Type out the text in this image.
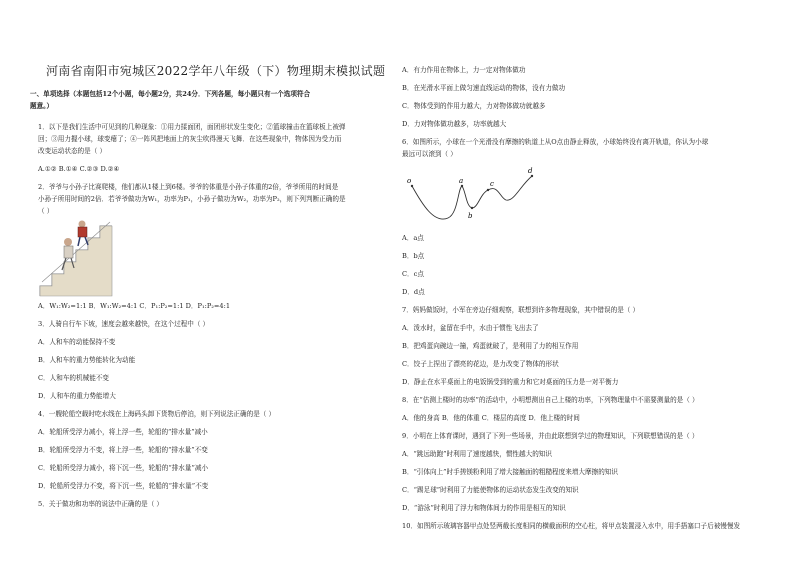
河南省南阳市宛城区2022学年八年级（下）物理期末模拟试题
一、单项选择（本题包括12个小题，每小题2分，共24分．下列各题，每小题只有一个选项符合
题意。）
1．以下是我们生活中可见到的几种现象：①用力揉面团，面团形状发生变化；②篮球撞击在篮球板上被弹
回；③用力握小球，球变瘪了；④一阵风把地面上的灰尘吹得漫天飞舞．在这些现象中，物体因为受力而
改变运动状态的是（ ）
A.①② B.①④ C.②③ D.②④
2．爷爷与小孙子比赛爬楼，他们都从1楼上到6楼。爷爷的体重是小孙子体重的2倍，爷爷所用的时间是
小孙子所用时间的2倍．若爷爷做功为W₁，功率为P₁，小孙子做功为W₂，功率为P₂，则下列判断正确的是
（ ）
A．W₁:W₂=1:1 B．W₁:W₂=4:1 C．P₁:P₂=1:1 D．P₁:P₂=4:1
3．人骑自行车下坡，速度会越来越快，在这个过程中（ ）
A．人和车的动能保持不变
B．人和车的重力势能转化为动能
C．人和车的机械能不变
D．人和车的重力势能增大
4．一艘轮船空载时吃水线在上海码头卸下货物后停泊，则下列说法正确的是（ ）
A．轮船所受浮力减小，将上浮一些，轮船的“排水量”减小
B．轮船所受浮力不变，将上浮一些，轮船的“排水量”不变
C．轮船所受浮力减小，将下沉一些，轮船的“排水量”减小
D．轮船所受浮力不变，将下沉一些，轮船的“排水量”不变
5．关于做功和功率的说法中正确的是（ ）
A．有力作用在物体上，力一定对物体做功
B．在光滑水平面上做匀速直线运动的物体，没有力做功
C．物体受到的作用力越大，力对物体做功就越多
D．力对物体做功越多，功率就越大
6．如图所示，小球在一个光滑没有摩擦的轨道上从O点由静止释放，小球始终没有离开轨道，你认为小球
最远可以滚到（ ）
A．a点
B．b点
C．c点
D．d点
7．妈妈做饭时，小军在旁边仔细观察，联想到许多物理现象，其中错误的是（ ）
A．泼水时，盆留在手中，水由于惯性飞出去了
B．把鸡蛋向碗边一撞，鸡蛋就破了，是利用了力的相互作用
C．饺子上捏出了漂亮的花边，是力改变了物体的形状
D．静止在水平桌面上的电饭锅受到的重力和它对桌面的压力是一对平衡力
8．在“估测上楼时的功率”的活动中，小明想测出自己上楼的功率，下列物理量中不需要测量的是（ ）
A．他的身高 B．他的体重 C．楼层的高度 D．他上楼的时间
9．小明在上体育课时，遇到了下列一些场景，并由此联想到学过的物理知识，下列联想错误的是（ ）
A．“跳远助跑”时利用了速度越快，惯性越大的知识
B．“引体向上”时手搓镁粉利用了增大接触面的粗糙程度来增大摩擦的知识
C．“踢足球”时利用了力能使物体的运动状态发生改变的知识
D．“游泳”时利用了浮力和物体间力的作用是相互的知识
10．如图所示玻璃容器甲点处竖两截长度相同的横截面积的空心柱，将甲点装置浸入水中，用手捂塞口子后被慢慢发
o	a
b
c
d
